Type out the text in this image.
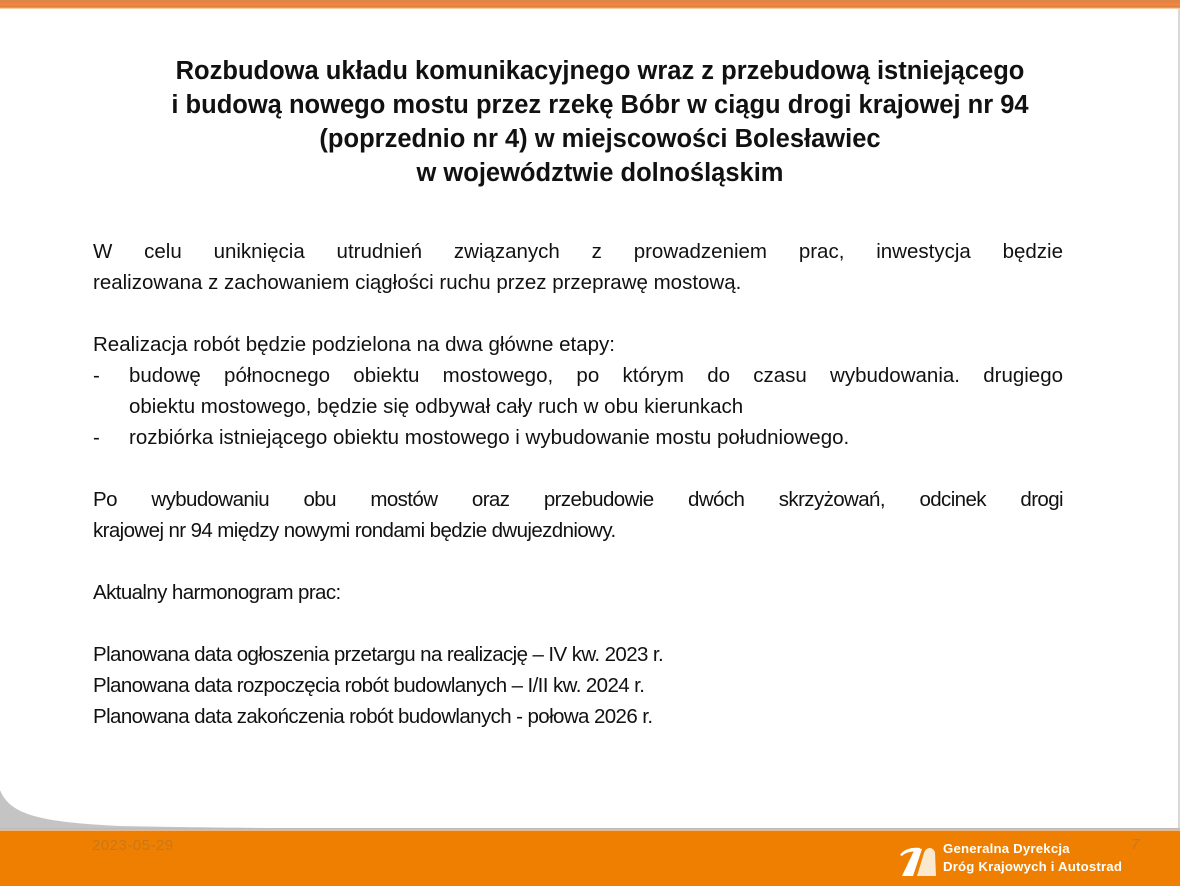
Rozbudowa układu komunikacyjnego wraz z przebudową istniejącego
i budową nowego mostu przez rzekę Bóbr w ciągu drogi krajowej nr 94
(poprzednio nr 4) w miejscowości Bolesławiec
w województwie dolnośląskim

W celu uniknięcia utrudnień związanych z prowadzeniem prac, inwestycja będzie
realizowana z zachowaniem ciągłości ruchu przez przeprawę mostową.

Realizacja robót będzie podzielona na dwa główne etapy:

-	budowę północnego obiektu mostowego, po którym do czasu wybudowania. drugiego
obiektu mostowego, będzie się odbywał cały ruch w obu kierunkach
-	rozbiórka istniejącego obiektu mostowego i wybudowanie mostu południowego.

Po wybudowaniu obu mostów oraz przebudowie dwóch skrzyżowań, odcinek drogi
krajowej nr 94 między nowymi rondami będzie dwujezdniowy.

Aktualny harmonogram prac:

Planowana data ogłoszenia przetargu na realizację – IV kw. 2023 r.

Planowana data rozpoczęcia robót budowlanych – I/II kw. 2024 r.

Planowana data zakończenia robót budowlanych - połowa 2026 r.

2023-05-29	Generalna Dyrekcja
Dróg Krajowych i Autostrad
7
